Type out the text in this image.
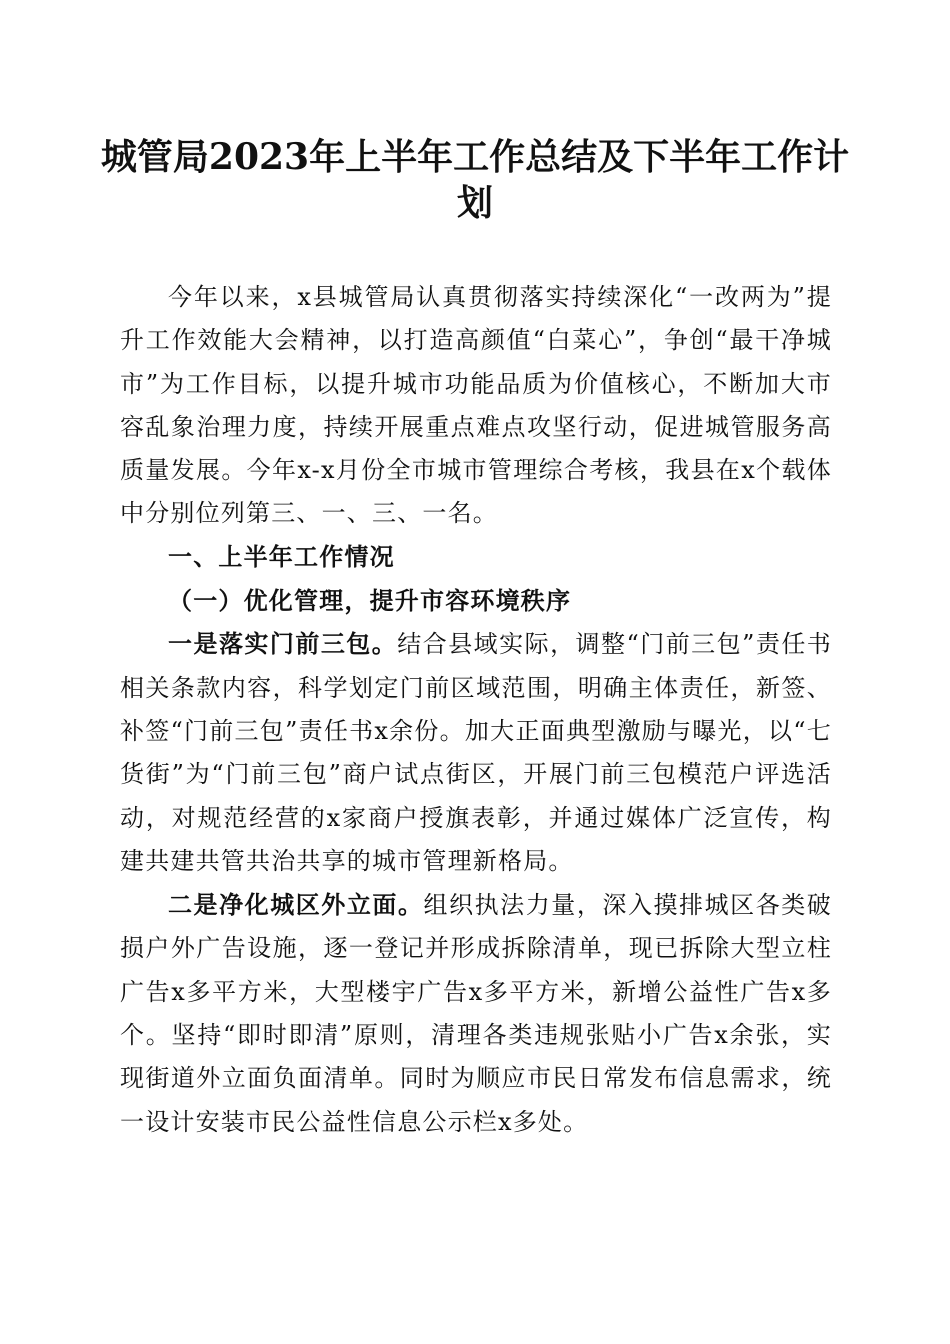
城管局2023年上半年工作总结及下半年工作计划

今年以来，x县城管局认真贯彻落实持续深化“一改两为”提升工作效能大会精神，以打造高颜值“白菜心”，争创“最干净城市”为工作目标，以提升城市功能品质为价值核心，不断加大市容乱象治理力度，持续开展重点难点攻坚行动，促进城管服务高质量发展。今年x-x月份全市城市管理综合考核，我县在x个载体中分别位列第三、一、三、一名。

一、上半年工作情况

（一）优化管理，提升市容环境秩序

一是落实门前三包。结合县域实际，调整“门前三包”责任书相关条款内容，科学划定门前区域范围，明确主体责任，新签、补签“门前三包”责任书x余份。加大正面典型激励与曝光，以“七货街”为“门前三包”商户试点街区，开展门前三包模范户评选活动，对规范经营的x家商户授旗表彰，并通过媒体广泛宣传，构建共建共管共治共享的城市管理新格局。

二是净化城区外立面。组织执法力量，深入摸排城区各类破损户外广告设施，逐一登记并形成拆除清单，现已拆除大型立柱广告x多平方米，大型楼宇广告x多平方米，新增公益性广告x多个。坚持“即时即清”原则，清理各类违规张贴小广告x余张，实现街道外立面负面清单。同时为顺应市民日常发布信息需求，统一设计安装市民公益性信息公示栏x多处。
